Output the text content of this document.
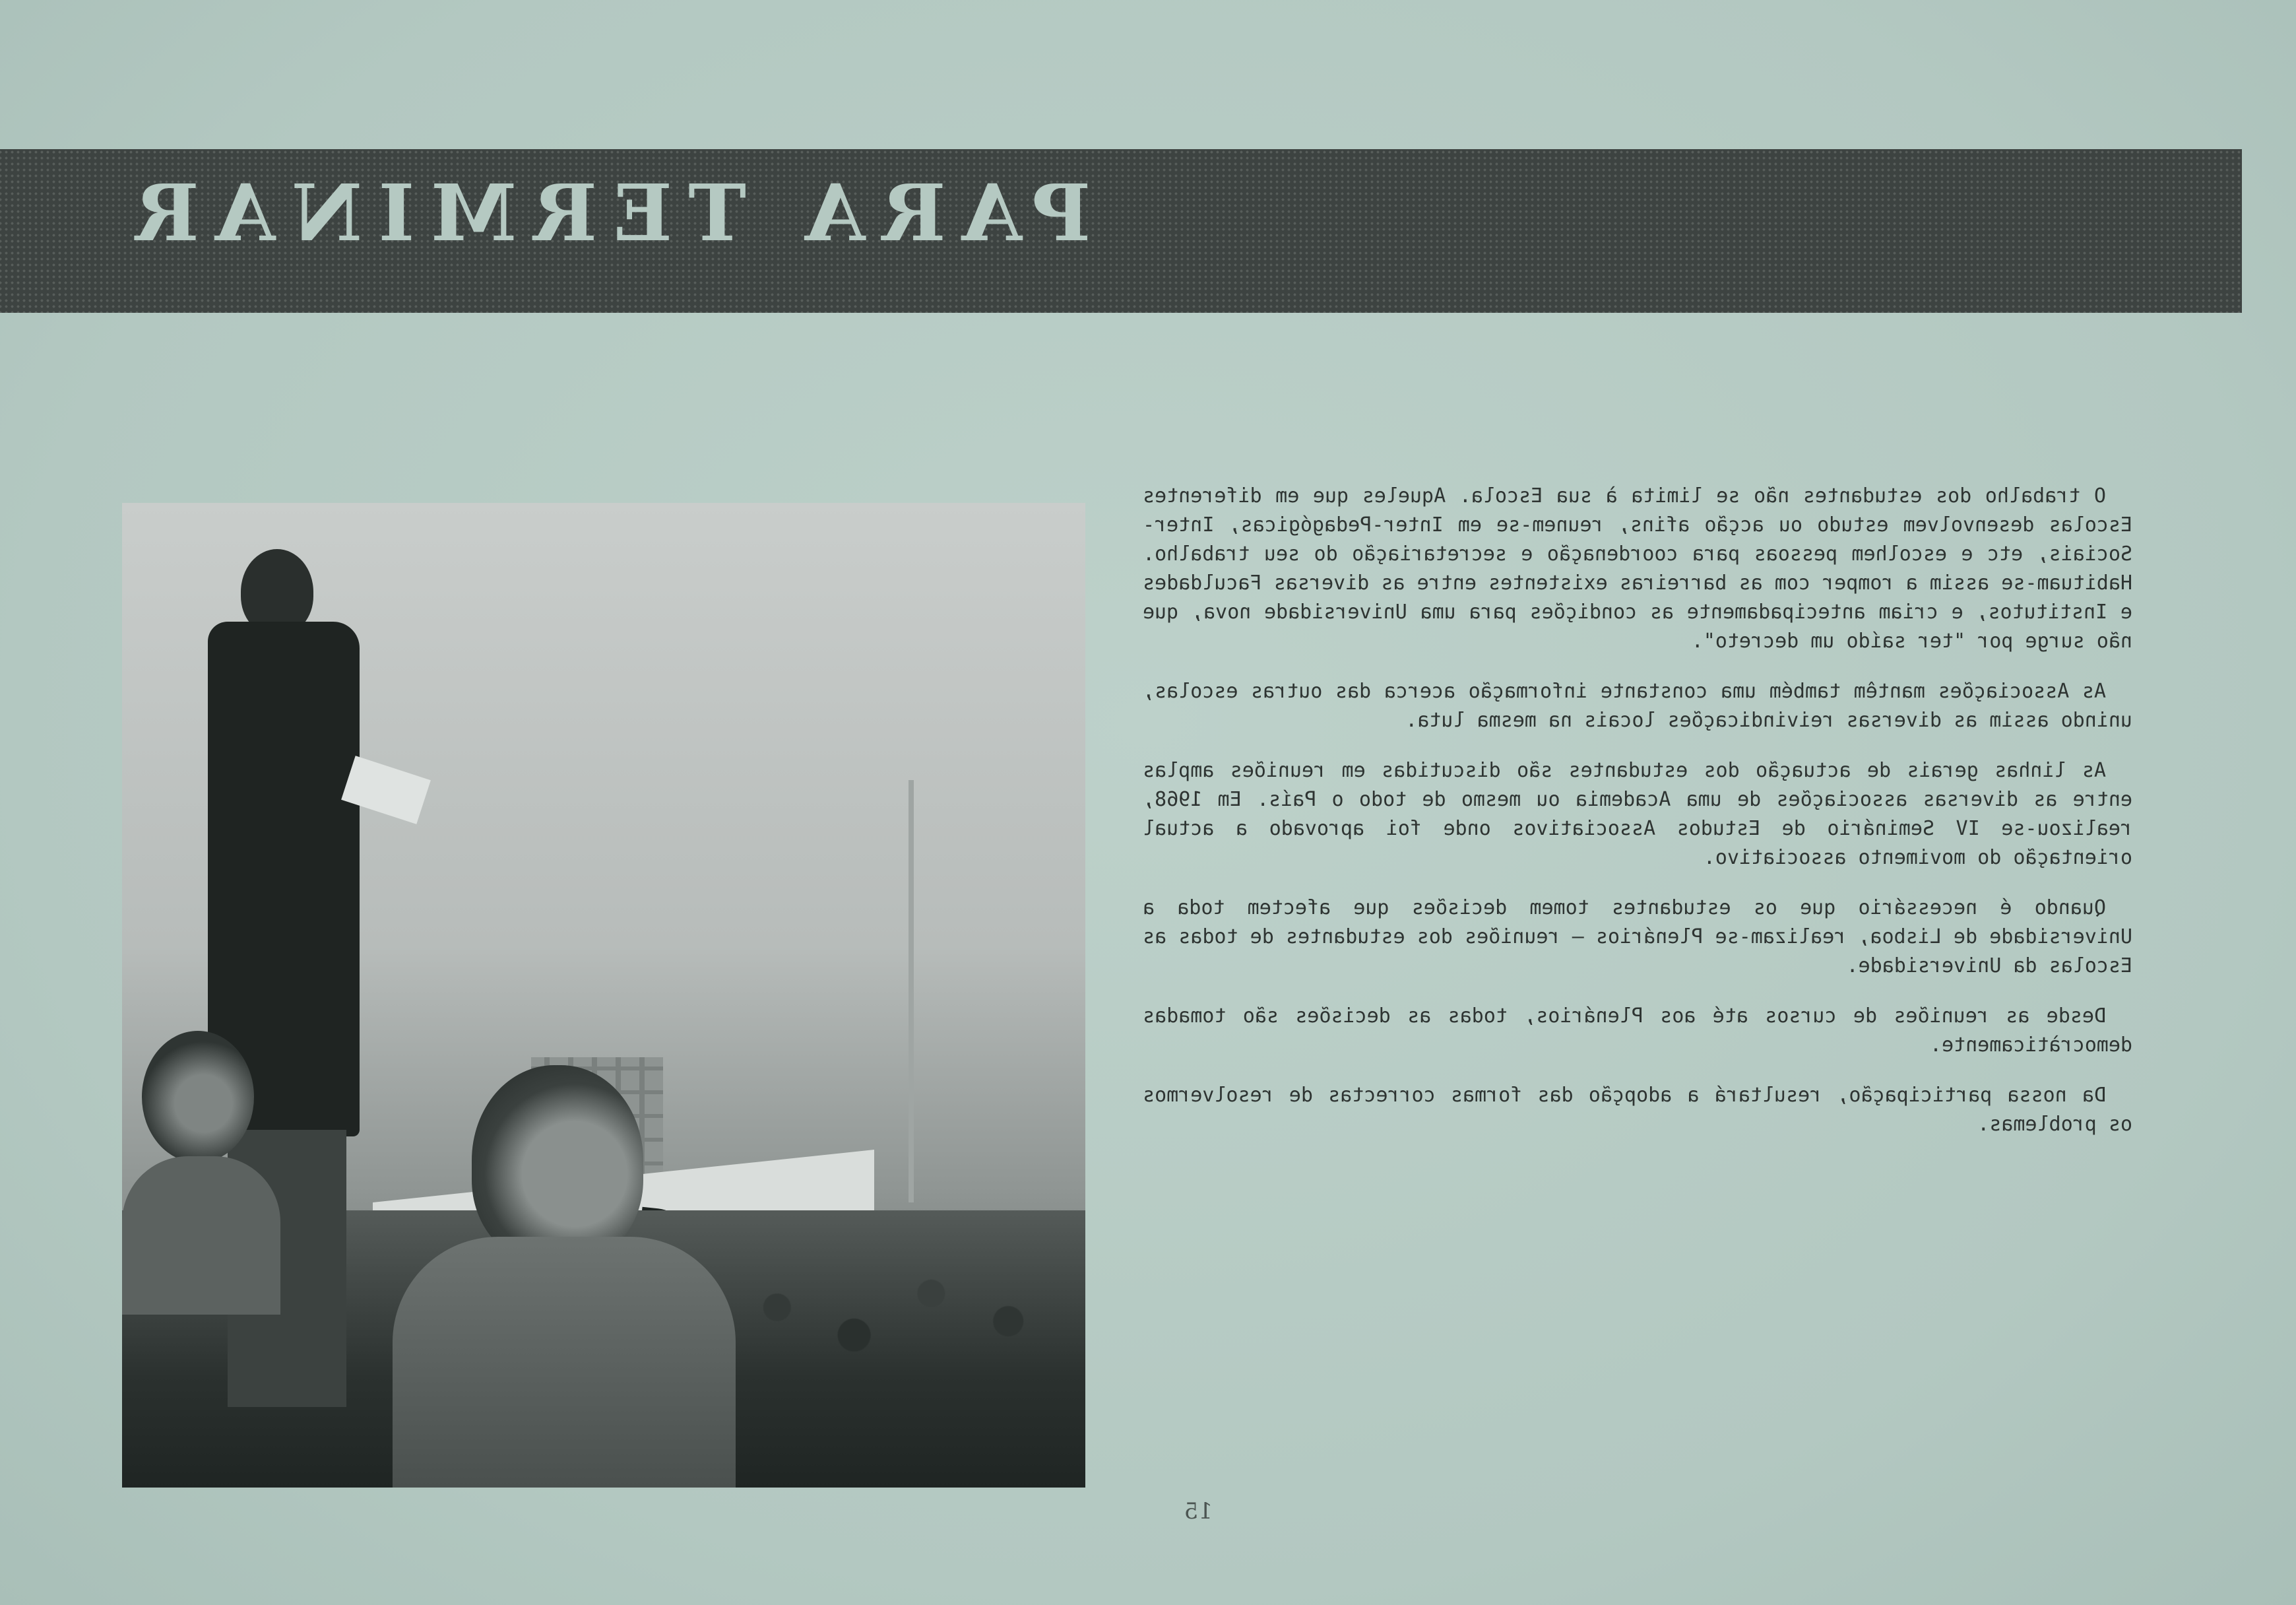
PARA TERMINAR

O trabalho dos estudantes não se limita à sua Escola. Aqueles que em diferentes Escolas desenvolvem estudo ou acção afins, reunem-se em Inter-Pedagógicas, Inter-Sociais, etc e escolhem pessoas para coordenação e secretariação do seu trabalho. Habituam-se assim a romper com as barreiras existentes entre as diversas Faculdades e Institutos, e criam antecipadamente as condições para uma Universidade nova, que não surge por "ter saído um decreto".

As Associações mantêm também uma constante informação acerca das outras escolas, unindo assim as diversas reivindicações locais na mesma luta.

As linhas gerais de actuação dos estudantes são discutidas em reuniões amplas entre as diversas associações de uma Academia ou mesmo de todo o País. Em 1968, realizou-se IV Seminário de Estudos Associativos onde foi aprovado a actual orientação do movimento associativo.

Quando é necessário que os estudantes tomem decisões que afectem toda a Universidade de Lisboa, realizam-se Plenários — reuniões dos estudantes de todas as Escolas da Universidade.

Desde as reuniões de cursos até aos Plenários, todas as decisões são tomadas democràticamente.

Da nossa participação, resultará a adopção das formas correctas de resolvermos os problemas.

15
